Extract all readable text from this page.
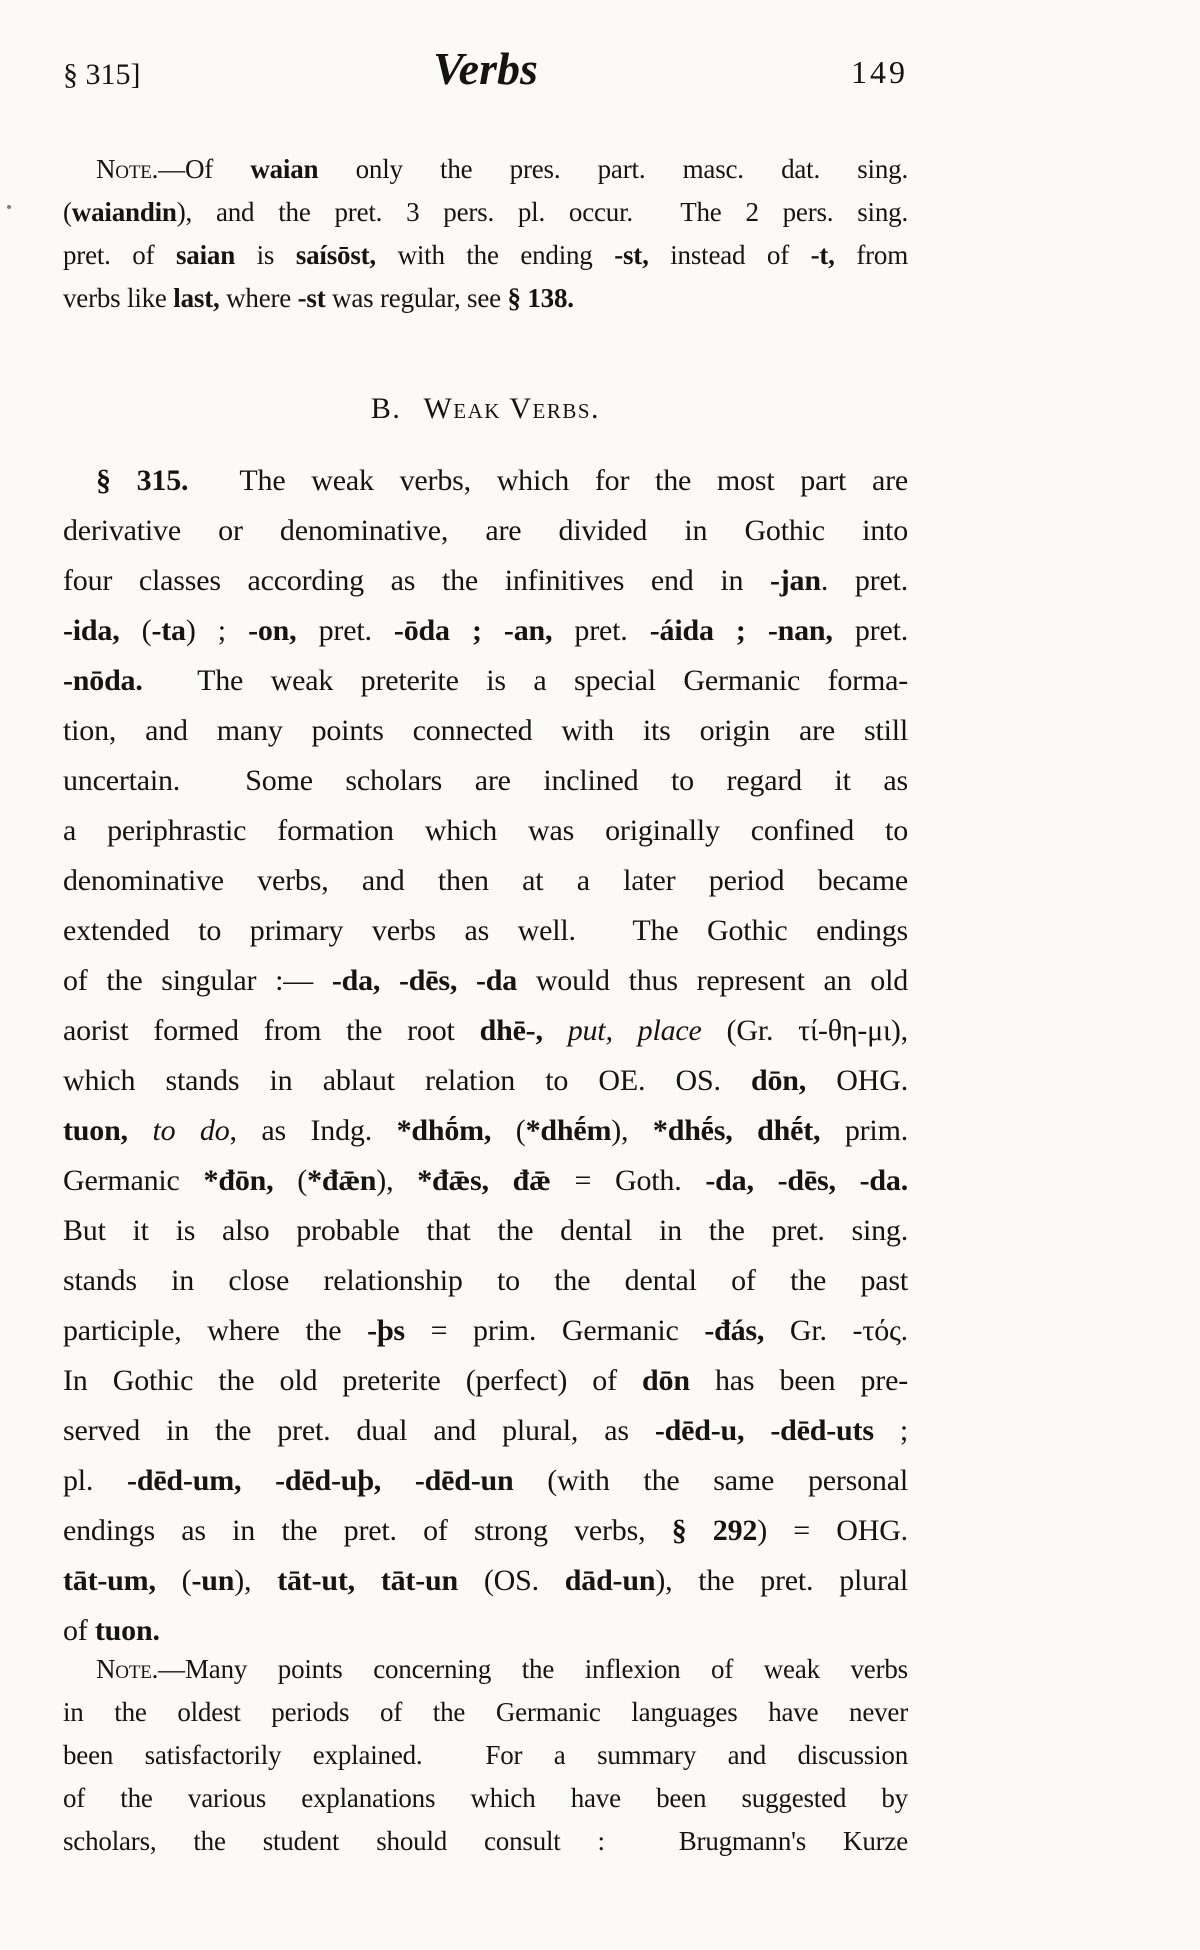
§ 315]	Verbs	149
Note.—Of waian only the pres. part. masc. dat. sing.
(waiandin), and the pret. 3 pers. pl. occur.  The 2 pers. sing.
pret. of saian is saísōst, with the ending -st, instead of -t, from
verbs like last, where -st was regular, see § 138.
B. Weak Verbs.
§ 315.  The weak verbs, which for the most part are
derivative or denominative, are divided in Gothic into
four classes according as the infinitives end in -jan. pret.
-ida, (-ta) ; -on, pret. -ōda ; -an, pret. -áida ; -nan, pret.
-nōda.  The weak preterite is a special Germanic forma-
tion, and many points connected with its origin are still
uncertain.  Some scholars are inclined to regard it as
a periphrastic formation which was originally confined to
denominative verbs, and then at a later period became
extended to primary verbs as well.  The Gothic endings
of the singular :— -da, -dēs, -da would thus represent an old
aorist formed from the root dhē-, put, place (Gr. τί-θη-μι),
which stands in ablaut relation to OE. OS. dōn, OHG.
tuon, to do, as Indg. *dhṓm, (*dhḗm), *dhḗs, dhḗt, prim.
Germanic *đōn, (*đǣn), *đǣs, đǣ = Goth. -da, -dēs, -da.
But it is also probable that the dental in the pret. sing.
stands in close relationship to the dental of the past
participle, where the -þs = prim. Germanic -đás, Gr. -τός.
In Gothic the old preterite (perfect) of dōn has been pre-
served in the pret. dual and plural, as -dēd-u, -dēd-uts ;
pl. -dēd-um, -dēd-uþ, -dēd-un (with the same personal
endings as in the pret. of strong verbs, § 292) = OHG.
tāt-um, (-un), tāt-ut, tāt-un (OS. dād-un), the pret. plural
of tuon.
Note.—Many points concerning the inflexion of weak verbs
in the oldest periods of the Germanic languages have never
been satisfactorily explained.  For a summary and discussion
of the various explanations which have been suggested by
scholars, the student should consult :  Brugmann's Kurze
